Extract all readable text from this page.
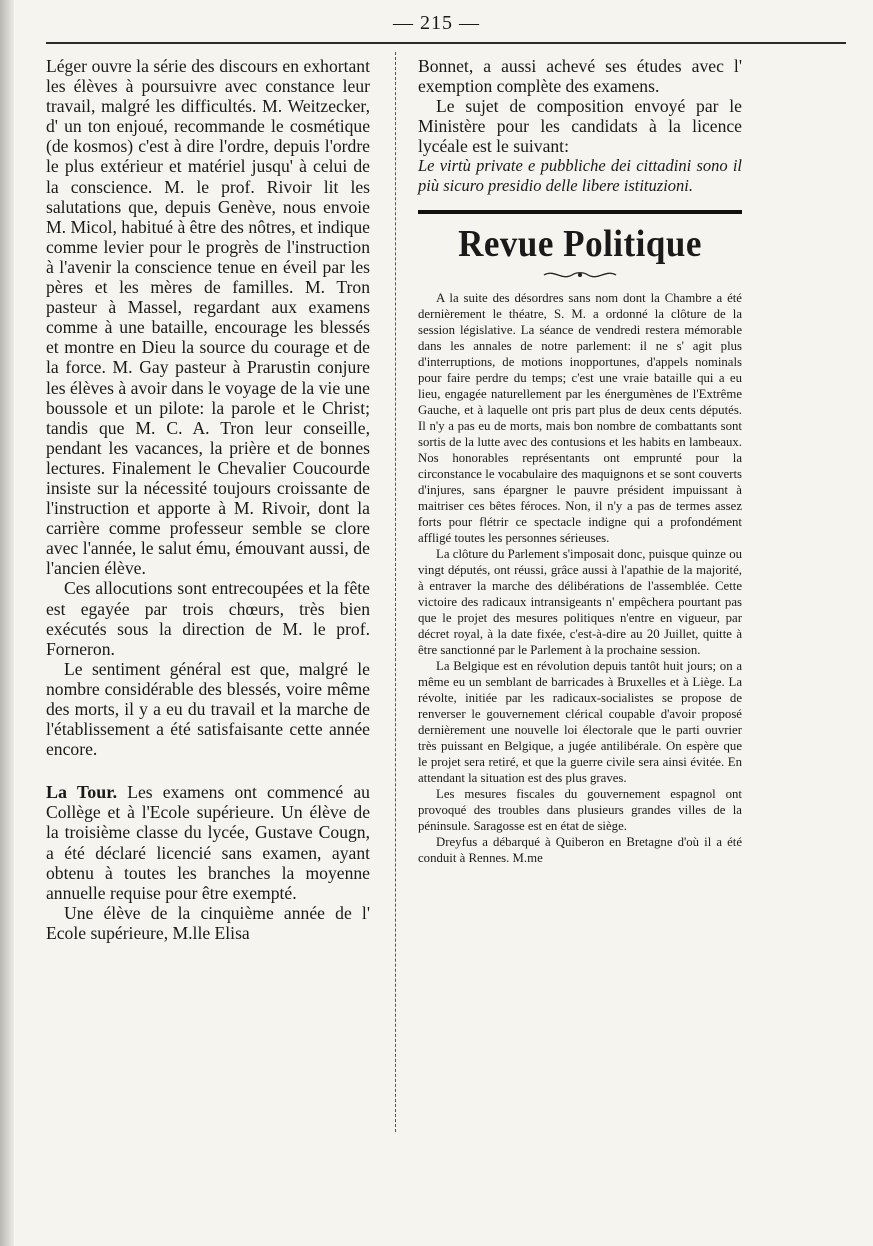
— 215 —

Léger ouvre la série des discours en exhortant les élèves à poursuivre avec constance leur travail, malgré les difficultés. M. Weitzecker, d' un ton enjoué, recommande le cosmétique (de kosmos) c'est à dire l'ordre, depuis l'ordre le plus extérieur et matériel jusqu' à celui de la conscience. M. le prof. Rivoir lit les salutations que, depuis Genève, nous envoie M. Micol, habitué à être des nôtres, et indique comme levier pour le progrès de l'instruction à l'avenir la conscience tenue en éveil par les pères et les mères de familles. M. Tron pasteur à Massel, regardant aux examens comme à une bataille, encourage les blessés et montre en Dieu la source du courage et de la force. M. Gay pasteur à Prarustin conjure les élèves à avoir dans le voyage de la vie une boussole et un pilote: la parole et le Christ; tandis que M. C. A. Tron leur conseille, pendant les vacances, la prière et de bonnes lectures. Finalement le Chevalier Coucourde insiste sur la nécessité toujours croissante de l'instruction et apporte à M. Rivoir, dont la carrière comme professeur semble se clore avec l'année, le salut ému, émouvant aussi, de l'ancien élève.

Ces allocutions sont entrecoupées et la fête est egayée par trois chœurs, très bien exécutés sous la direction de M. le prof. Forneron.

Le sentiment général est que, malgré le nombre considérable des blessés, voire même des morts, il y a eu du travail et la marche de l'établissement a été satisfaisante cette année encore.

La Tour. Les examens ont commencé au Collège et à l'Ecole supérieure. Un élève de la troisième classe du lycée, Gustave Cougn, a été déclaré licencié sans examen, ayant obtenu à toutes les branches la moyenne annuelle requise pour être exempté.

Une élève de la cinquième année de l' Ecole supérieure, M.lle Elisa

Bonnet, a aussi achevé ses études avec l' exemption complète des examens.

Le sujet de composition envoyé par le Ministère pour les candidats à la licence lycéale est le suivant:

Le virtù private e pubbliche dei cittadini sono il più sicuro presidio delle libere istituzioni.

Revue Politique

A la suite des désordres sans nom dont la Chambre a été dernièrement le théatre, S. M. a ordonné la clôture de la session législative. La séance de vendredi restera mémorable dans les annales de notre parlement: il ne s' agit plus d'interruptions, de motions inopportunes, d'appels nominals pour faire perdre du temps; c'est une vraie bataille qui a eu lieu, engagée naturellement par les énergumènes de l'Extrême Gauche, et à laquelle ont pris part plus de deux cents députés. Il n'y a pas eu de morts, mais bon nombre de combattants sont sortis de la lutte avec des contusions et les habits en lambeaux. Nos honorables représentants ont emprunté pour la circonstance le vocabulaire des maquignons et se sont couverts d'injures, sans épargner le pauvre président impuissant à maitriser ces bêtes féroces. Non, il n'y a pas de termes assez forts pour flétrir ce spectacle indigne qui a profondément affligé toutes les personnes sérieuses.

La clôture du Parlement s'imposait donc, puisque quinze ou vingt députés, ont réussi, grâce aussi à l'apathie de la majorité, à entraver la marche des délibérations de l'assemblée. Cette victoire des radicaux intransigeants n' empêchera pourtant pas que le projet des mesures politiques n'entre en vigueur, par décret royal, à la date fixée, c'est-à-dire au 20 Juillet, quitte à être sanctionné par le Parlement à la prochaine session.

La Belgique est en révolution depuis tantôt huit jours; on a même eu un semblant de barricades à Bruxelles et à Liège. La révolte, initiée par les radicaux-socialistes se propose de renverser le gouvernement clérical coupable d'avoir proposé dernièrement une nouvelle loi électorale que le parti ouvrier très puissant en Belgique, a jugée antilibérale. On espère que le projet sera retiré, et que la guerre civile sera ainsi évitée. En attendant la situation est des plus graves.

Les mesures fiscales du gouvernement espagnol ont provoqué des troubles dans plusieurs grandes villes de la péninsule. Saragosse est en état de siège.

Dreyfus a débarqué à Quiberon en Bretagne d'où il a été conduit à Rennes. M.me
